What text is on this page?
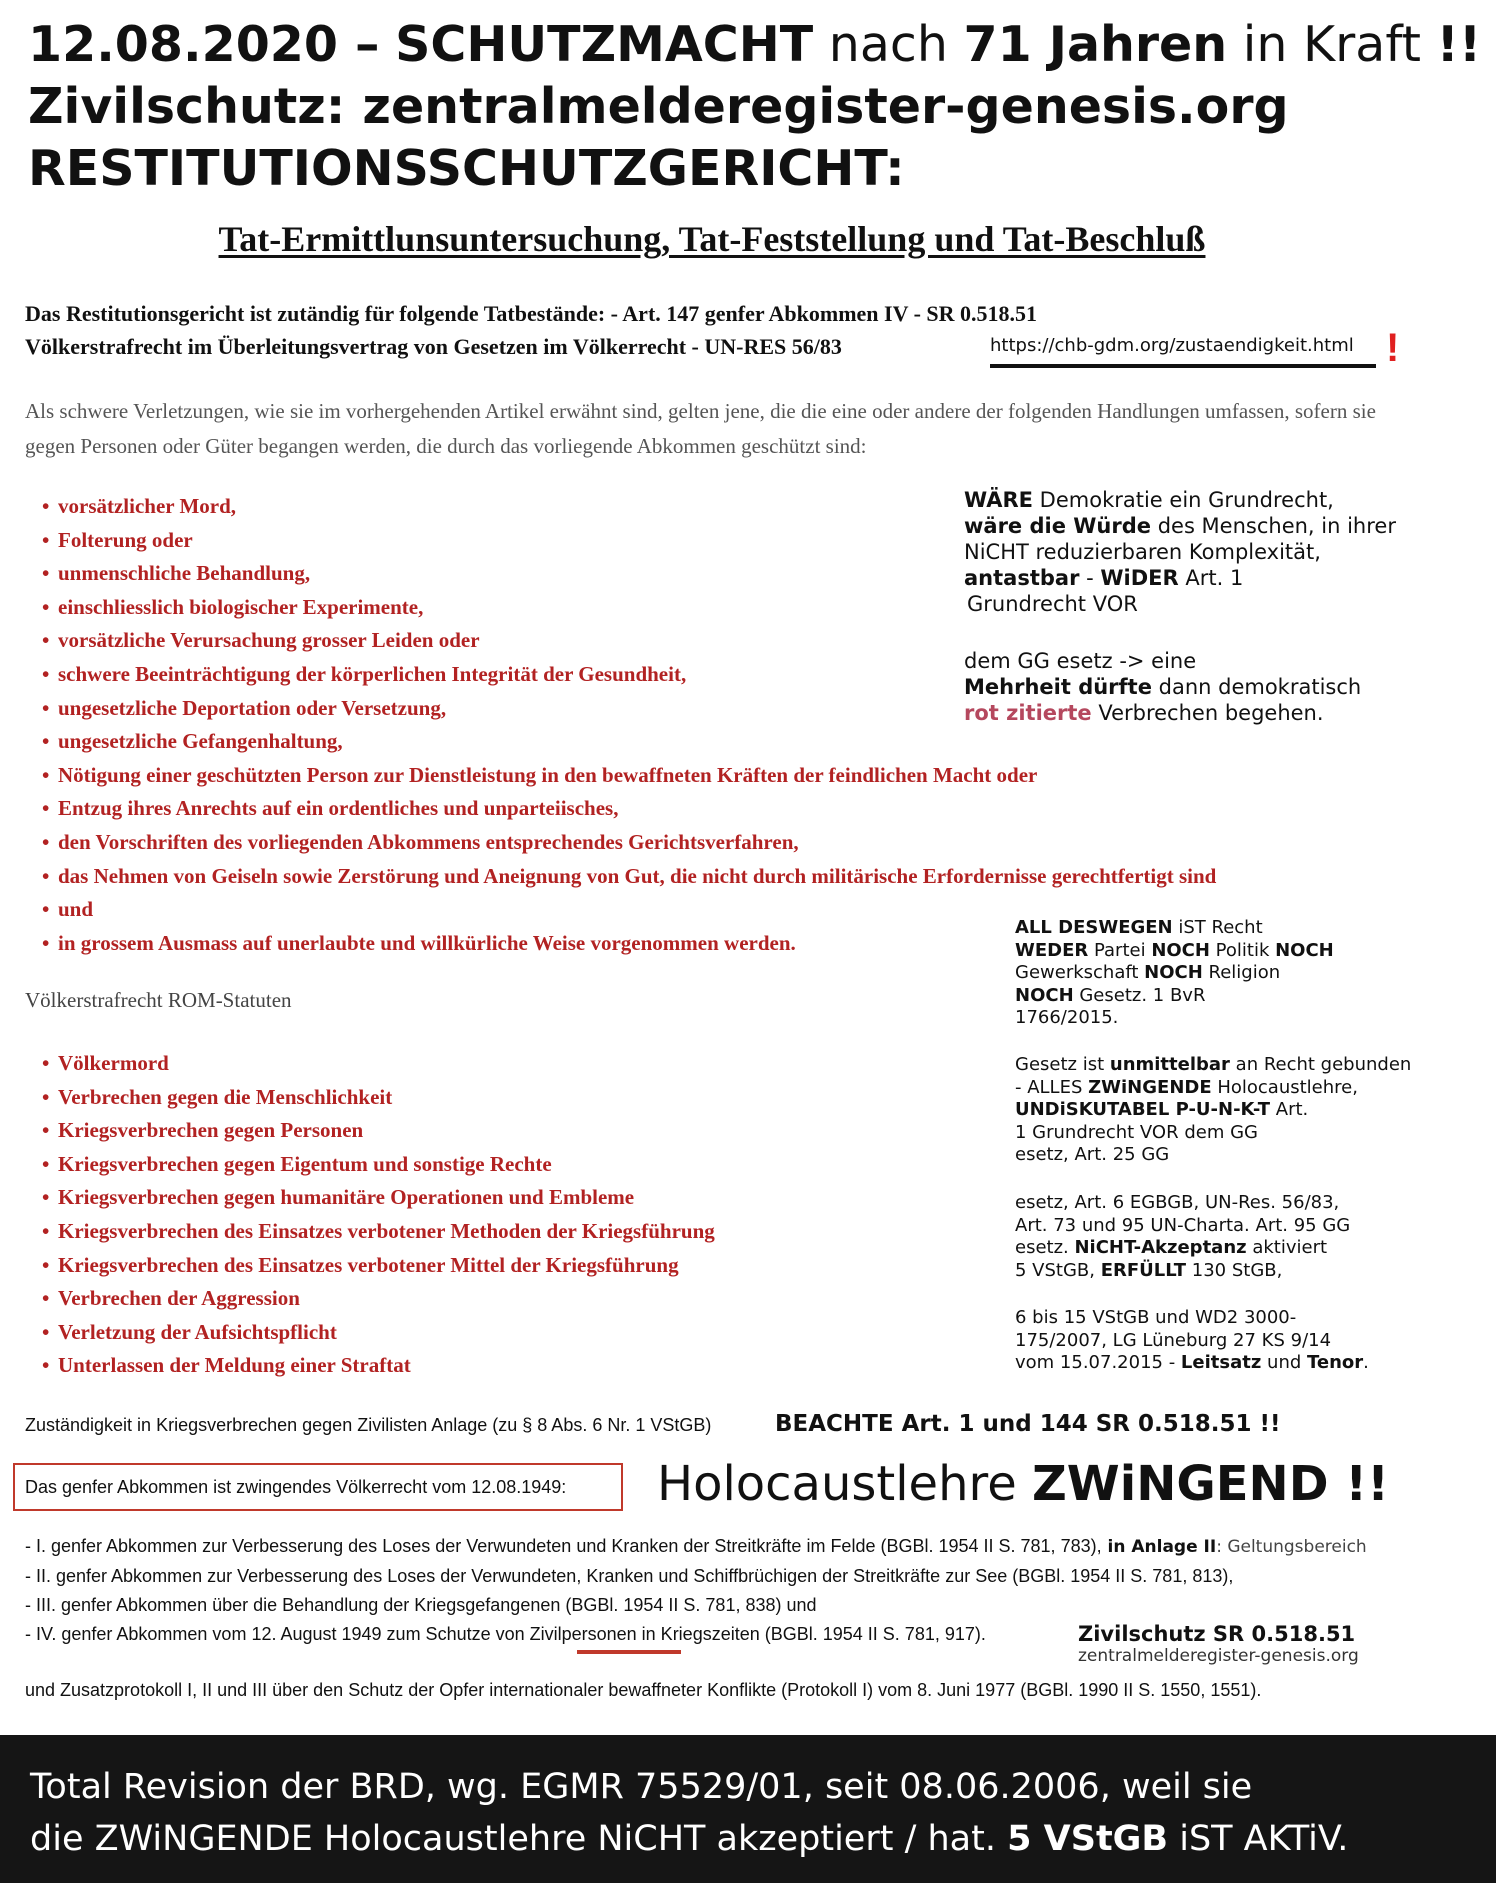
12.08.2020 – SCHUTZMACHT nach 71 Jahren in Kraft !!
Zivilschutz: zentralmelderegister-genesis.org
RESTITUTIONSSCHUTZGERICHT:
Tat-Ermittlunsuntersuchung, Tat-Feststellung und Tat-Beschluß
Das Restitutionsgericht ist zutändig für folgende Tatbestände: - Art. 147 genfer Abkommen IV - SR 0.518.51
Völkerstrafrecht im Überleitungsvertrag von Gesetzen im Völkerrecht - UN-RES 56/83	https://chb-gdm.org/zustaendigkeit.html !
Als schwere Verletzungen, wie sie im vorhergehenden Artikel erwähnt sind, gelten jene, die die eine oder andere der folgenden Handlungen umfassen, sofern sie gegen Personen oder Güter begangen werden, die durch das vorliegende Abkommen geschützt sind:
• vorsätzlicher Mord,
• Folterung oder
• unmenschliche Behandlung,
• einschliesslich biologischer Experimente,
• vorsätzliche Verursachung grosser Leiden oder
• schwere Beeinträchtigung der körperlichen Integrität der Gesundheit,
• ungesetzliche Deportation oder Versetzung,
• ungesetzliche Gefangenhaltung,
• Nötigung einer geschützten Person zur Dienstleistung in den bewaffneten Kräften der feindlichen Macht oder
• Entzug ihres Anrechts auf ein ordentliches und unparteiisches,
• den Vorschriften des vorliegenden Abkommens entsprechendes Gerichtsverfahren,
• das Nehmen von Geiseln sowie Zerstörung und Aneignung von Gut, die nicht durch militärische Erfordernisse gerechtfertigt sind
• und
• in grossem Ausmass auf unerlaubte und willkürliche Weise vorgenommen werden.
WÄRE Demokratie ein Grundrecht,
wäre die Würde des Menschen, in ihrer
NiCHT reduzierbaren Komplexität,
antastbar - WiDER Art. 1
Grundrecht VOR
dem GG esetz -> eine
Mehrheit dürfte dann demokratisch
rot zitierte Verbrechen begehen.
Völkerstrafrecht ROM-Statuten
• Völkermord
• Verbrechen gegen die Menschlichkeit
• Kriegsverbrechen gegen Personen
• Kriegsverbrechen gegen Eigentum und sonstige Rechte
• Kriegsverbrechen gegen humanitäre Operationen und Embleme
• Kriegsverbrechen des Einsatzes verbotener Methoden der Kriegsführung
• Kriegsverbrechen des Einsatzes verbotener Mittel der Kriegsführung
• Verbrechen der Aggression
• Verletzung der Aufsichtspflicht
• Unterlassen der Meldung einer Straftat
ALL DESWEGEN iST Recht
WEDER Partei NOCH Politik NOCH
Gewerkschaft NOCH Religion
NOCH Gesetz. 1 BvR
1766/2015.
Gesetz ist unmittelbar an Recht gebunden
- ALLES ZWiNGENDE Holocaustlehre,
UNDiSKUTABEL P-U-N-K-T Art.
1 Grundrecht VOR dem GG
esetz, Art. 25 GG
esetz, Art. 6 EGBGB, UN-Res. 56/83,
Art. 73 und 95 UN-Charta. Art. 95 GG
esetz. NiCHT-Akzeptanz aktiviert
5 VStGB, ERFÜLLT 130 StGB,
6 bis 15 VStGB und WD2 3000-
175/2007, LG Lüneburg 27 KS 9/14
vom 15.07.2015 - Leitsatz und Tenor.
Zuständigkeit in Kriegsverbrechen gegen Zivilisten Anlage (zu § 8 Abs. 6 Nr. 1 VStGB)	BEACHTE Art. 1 und 144 SR 0.518.51 !!
Das genfer Abkommen ist zwingendes Völkerrecht vom 12.08.1949:	Holocaustlehre ZWiNGEND !!
- I. genfer Abkommen zur Verbesserung des Loses der Verwundeten und Kranken der Streitkräfte im Felde (BGBl. 1954 II S. 781, 783), in Anlage II: Geltungsbereich
- II. genfer Abkommen zur Verbesserung des Loses der Verwundeten, Kranken und Schiffbrüchigen der Streitkräfte zur See (BGBl. 1954 II S. 781, 813),
- III. genfer Abkommen über die Behandlung der Kriegsgefangenen (BGBl. 1954 II S. 781, 838) und
- IV. genfer Abkommen vom 12. August 1949 zum Schutze von Zivilpersonen in Kriegszeiten (BGBl. 1954 II S. 781, 917).	Zivilschutz SR 0.518.51
zentralmelderegister-genesis.org
und Zusatzprotokoll I, II und III über den Schutz der Opfer internationaler bewaffneter Konflikte (Protokoll I) vom 8. Juni 1977 (BGBl. 1990 II S. 1550, 1551).
Total Revision der BRD, wg. EGMR 75529/01, seit 08.06.2006, weil sie
die ZWiNGENDE Holocaustlehre NiCHT akzeptiert / hat. 5 VStGB iST AKTiV.
